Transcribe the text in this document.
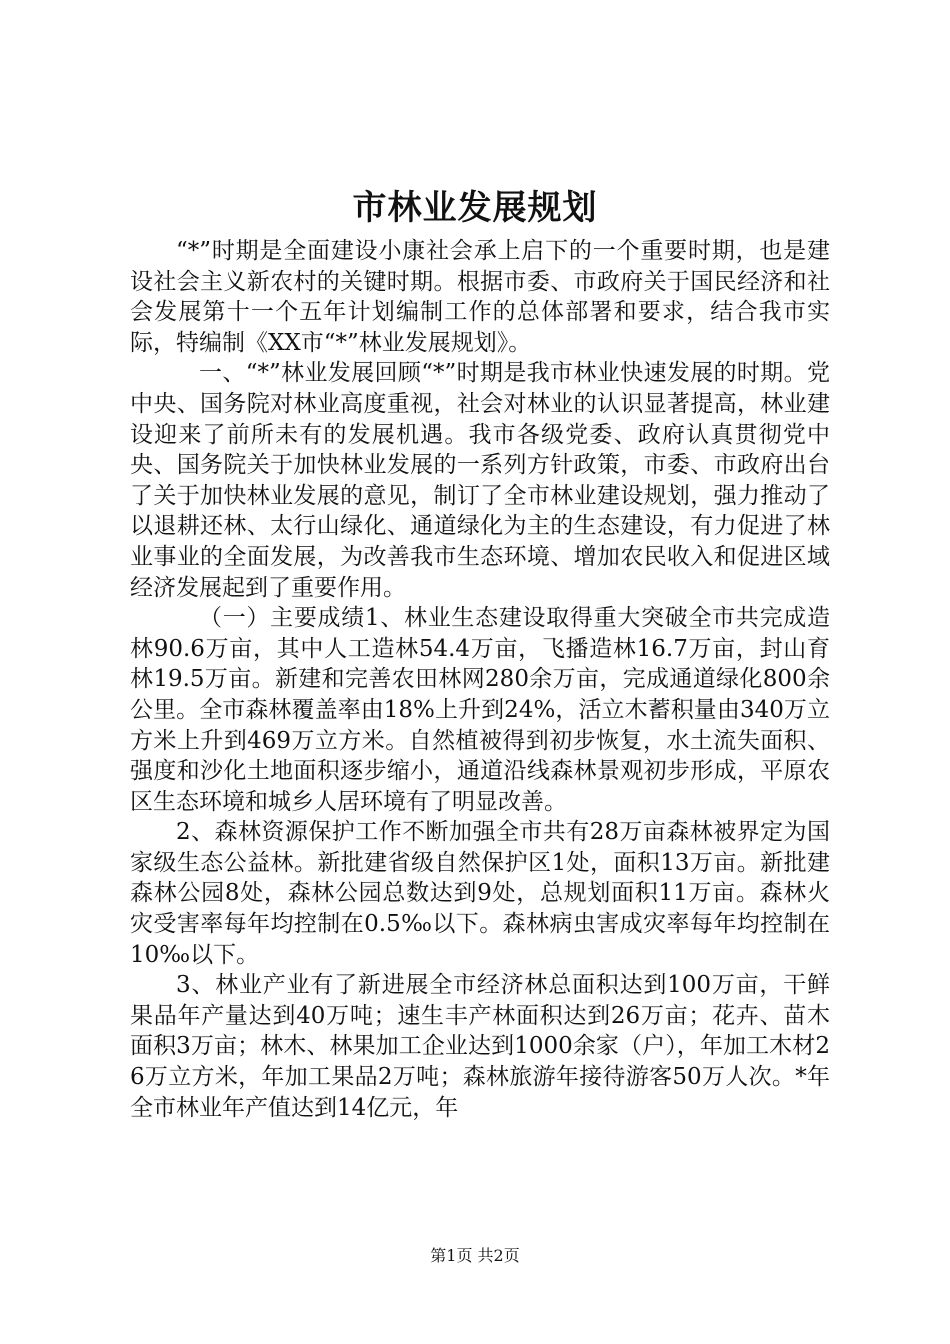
市林业发展规划

“*”时期是全面建设小康社会承上启下的一个重要时期，也是建设社会主义新农村的关键时期。根据市委、市政府关于国民经济和社会发展第十一个五年计划编制工作的总体部署和要求，结合我市实际，特编制《XX市“*”林业发展规划》。

一、“*”林业发展回顾“*”时期是我市林业快速发展的时期。党中央、国务院对林业高度重视，社会对林业的认识显著提高，林业建设迎来了前所未有的发展机遇。我市各级党委、政府认真贯彻党中央、国务院关于加快林业发展的一系列方针政策，市委、市政府出台了关于加快林业发展的意见，制订了全市林业建设规划，强力推动了以退耕还林、太行山绿化、通道绿化为主的生态建设，有力促进了林业事业的全面发展，为改善我市生态环境、增加农民收入和促进区域经济发展起到了重要作用。

（一）主要成绩1、林业生态建设取得重大突破全市共完成造林90.6万亩，其中人工造林54.4万亩，飞播造林16.7万亩，封山育林19.5万亩。新建和完善农田林网280余万亩，完成通道绿化800余公里。全市森林覆盖率由18%上升到24%，活立木蓄积量由340万立方米上升到469万立方米。自然植被得到初步恢复，水土流失面积、强度和沙化土地面积逐步缩小，通道沿线森林景观初步形成，平原农区生态环境和城乡人居环境有了明显改善。

2、森林资源保护工作不断加强全市共有28万亩森林被界定为国家级生态公益林。新批建省级自然保护区1处，面积13万亩。新批建森林公园8处，森林公园总数达到9处，总规划面积11万亩。森林火灾受害率每年均控制在0.5‰以下。森林病虫害成灾率每年均控制在10‰以下。

3、林业产业有了新进展全市经济林总面积达到100万亩，干鲜果品年产量达到40万吨；速生丰产林面积达到26万亩；花卉、苗木面积3万亩；林木、林果加工企业达到1000余家（户），年加工木材26万立方米，年加工果品2万吨；森林旅游年接待游客50万人次。*年全市林业年产值达到14亿元，年

第1页 共2页
